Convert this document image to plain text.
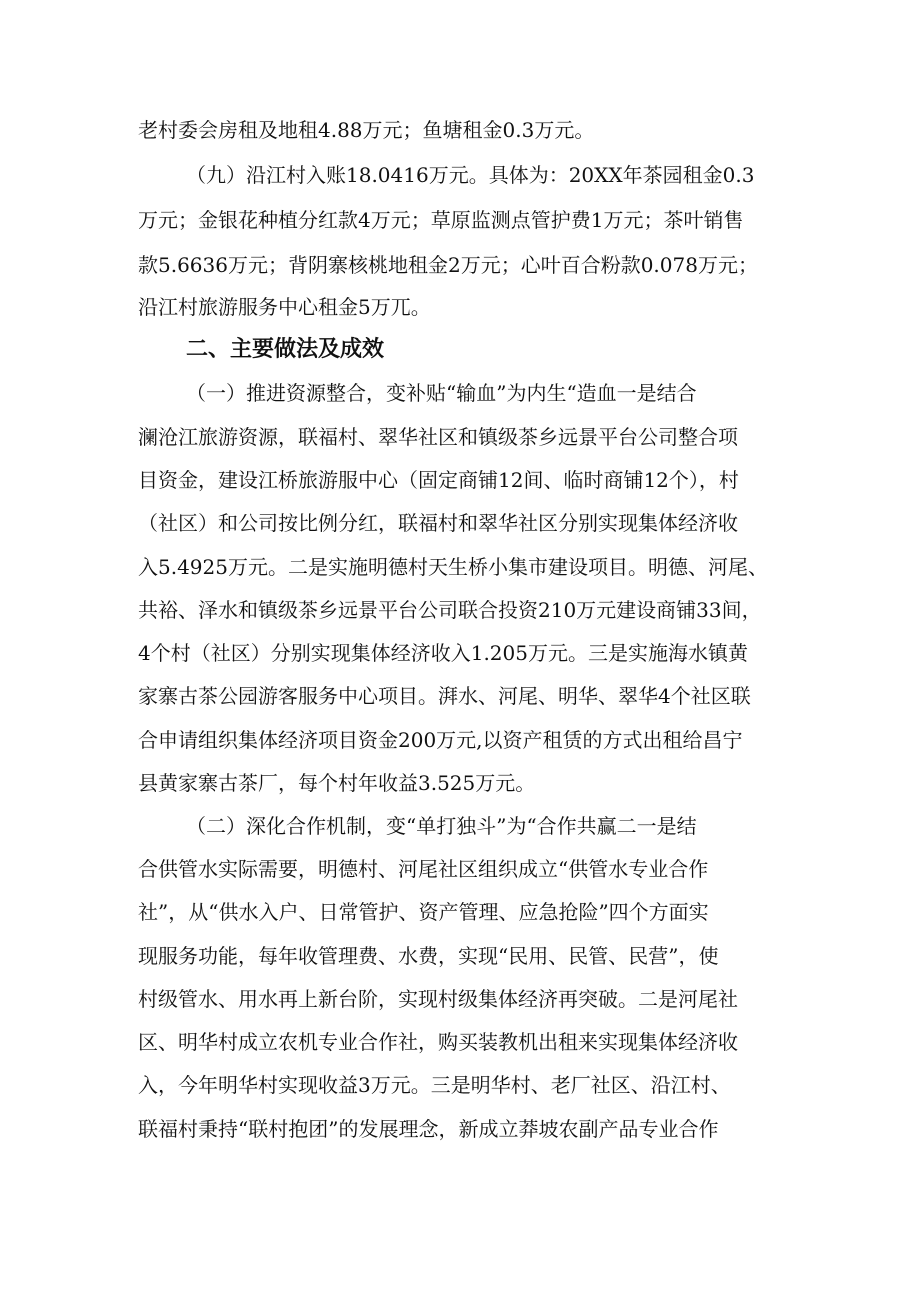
老村委会房租及地租4.88万元；鱼塘租金0.3万元。
（九）沿江村入账18.0416万元。具体为：20XX年茶园租金0.3
万元；金银花种植分红款4万元；草原监测点管护费1万元；茶叶销售
款5.6636万元；背阴寨核桃地租金2万元；心叶百合粉款0.078万元；
沿江村旅游服务中心租金5万兀。
二、主要做法及成效
（一）推进资源整合，变补贴“输血”为内生“造血一是结合
澜沧江旅游资源，联福村、翠华社区和镇级茶乡远景平台公司整合项
目资金，建设江桥旅游服中心（固定商铺12间、临时商铺12个），村
（社区）和公司按比例分红，联福村和翠华社区分别实现集体经济收
入5.4925万元。二是实施明德村天生桥小集市建设项目。明德、河尾、
共裕、泽水和镇级茶乡远景平台公司联合投资210万元建设商铺33间，
4个村（社区）分别实现集体经济收入1.205万元。三是实施海水镇黄
家寨古茶公园游客服务中心项目。湃水、河尾、明华、翠华4个社区联
合申请组织集体经济项目资金200万元,以资产租赁的方式出租给昌宁
县黄家寨古茶厂，每个村年收益3.525万元。
（二）深化合作机制，变“单打独斗”为“合作共赢二一是结
合供管水实际需要，明德村、河尾社区组织成立“供管水专业合作
社”，从“供水入户、日常管护、资产管理、应急抢险”四个方面实
现服务功能，每年收管理费、水费，实现“民用、民管、民营”，使
村级管水、用水再上新台阶，实现村级集体经济再突破。二是河尾社
区、明华村成立农机专业合作社，购买装教机出租来实现集体经济收
入，今年明华村实现收益3万元。三是明华村、老厂社区、沿江村、
联福村秉持“联村抱团”的发展理念，新成立莽坡农副产品专业合作
